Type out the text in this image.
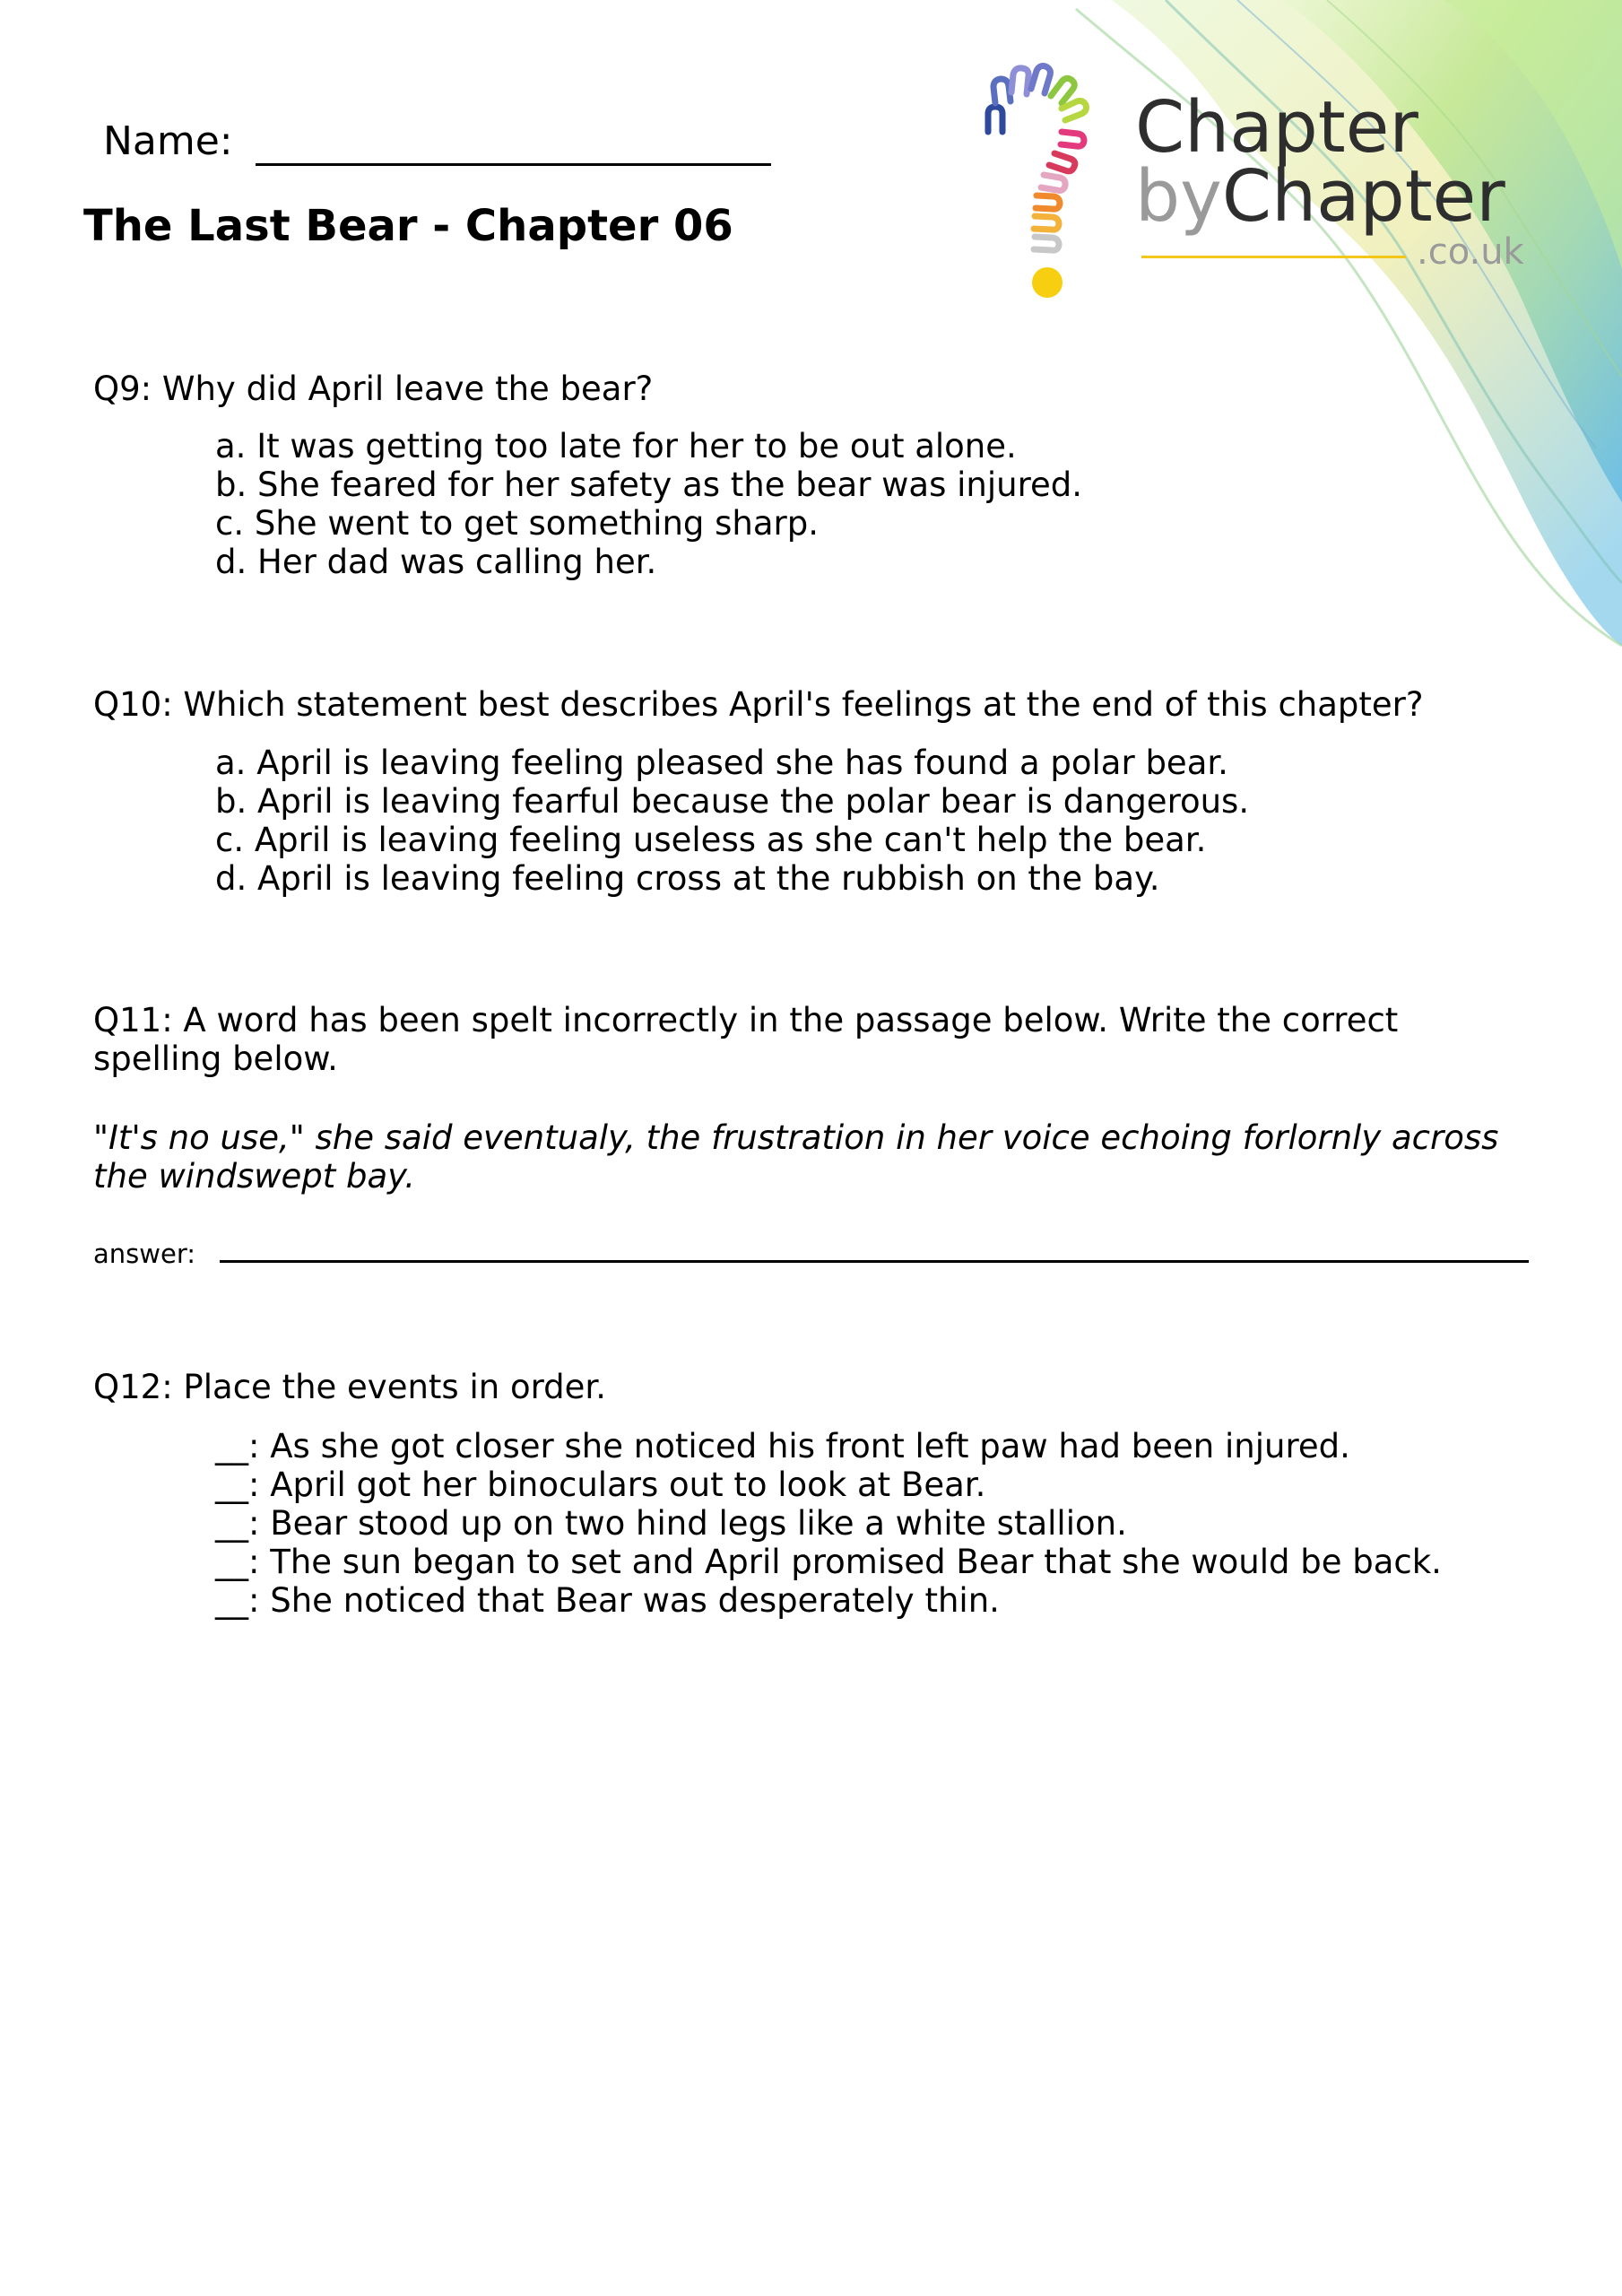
Name:
The Last Bear - Chapter 06
Chapter
byChapter
.co.uk

Q9: Why did April leave the bear?

a. It was getting too late for her to be out alone.
b. She feared for her safety as the bear was injured.
c. She went to get something sharp.
d. Her dad was calling her.

Q10: Which statement best describes April's feelings at the end of this chapter?

a. April is leaving feeling pleased she has found a polar bear.
b. April is leaving fearful because the polar bear is dangerous.
c. April is leaving feeling useless as she can't help the bear.
d. April is leaving feeling cross at the rubbish on the bay.

Q11: A word has been spelt incorrectly in the passage below. Write the correct spelling below.

"It's no use," she said eventualy, the frustration in her voice echoing forlornly across the windswept bay.

answer:

Q12: Place the events in order.

__: As she got closer she noticed his front left paw had been injured.
__: April got her binoculars out to look at Bear.
__: Bear stood up on two hind legs like a white stallion.
__: The sun began to set and April promised Bear that she would be back.
__: She noticed that Bear was desperately thin.
